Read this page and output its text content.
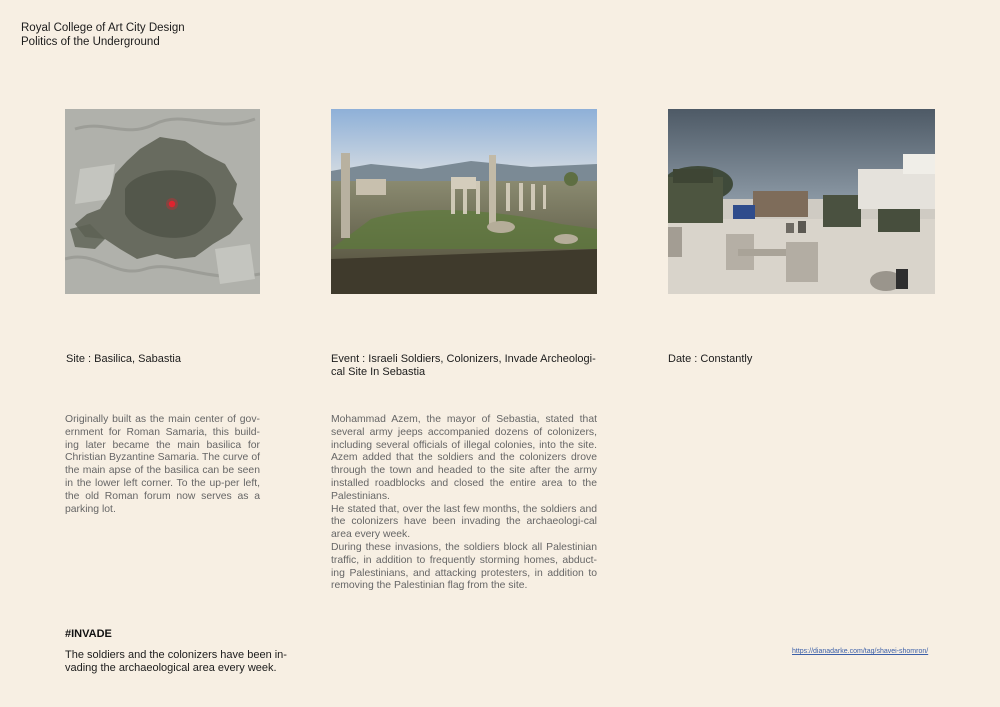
Royal College of Art City Design
Politics of the Underground
Site : Basilica, Sabastia	Event : Israeli Soldiers, Colonizers, Invade Archeologi-cal Site In Sebastia
Date : Constantly

Originally built as the main center of gov-ernment for Roman Samaria, this build-ing later became the main basilica for Christian Byzantine Samaria. The curve of the main apse of the basilica can be seen in the lower left corner. To the up-per left, the old Roman forum now serves as a parking lot.

Mohammad Azem, the mayor of Sebastia, stated that several army jeeps accompanied dozens of colonizers, including several officials of illegal colonies, into the site. Azem added that the soldiers and the colonizers drove through the town and headed to the site after the army installed roadblocks and closed the entire area to the Palestinians.

He stated that, over the last few months, the soldiers and the colonizers have been invading the archaeologi-cal area every week.

During these invasions, the soldiers block all Palestinian traffic, in addition to frequently storming homes, abduct-ing Palestinians, and attacking protesters, in addition to removing the Palestinian flag from the site.

#INVADE
The soldiers and the colonizers have been in-vading the archaeological area every week.
https://dianadarke.com/tag/shavei-shomron/
